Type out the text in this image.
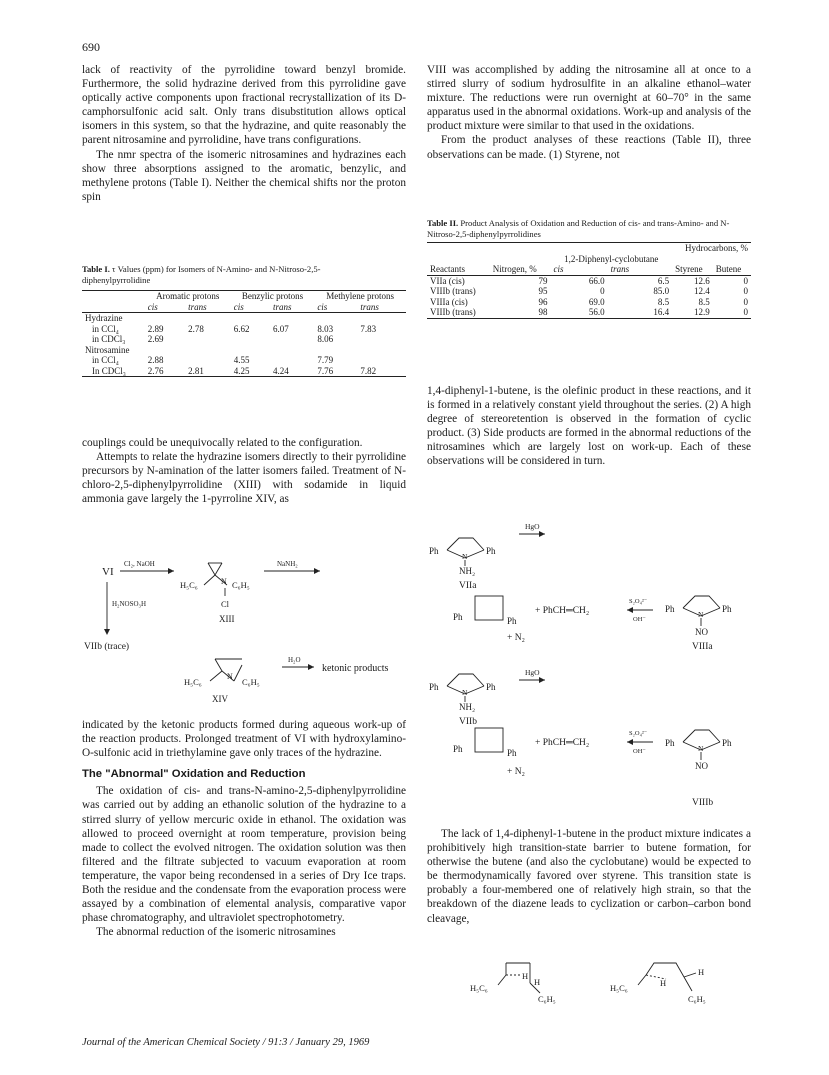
690

lack of reactivity of the pyrrolidine toward benzyl bromide. Furthermore, the solid hydrazine derived from this pyrrolidine gave optically active components upon fractional recrystallization of its D-camphorsulfonic acid salt. Only trans disubstitution allows optical isomers in this system, so that the hydrazine, and quite reasonably the parent nitrosamine and pyrrolidine, have trans configurations.

The nmr spectra of the isomeric nitrosamines and hydrazines each show three absorptions assigned to the aromatic, benzylic, and methylene protons (Table I). Neither the chemical shifts nor the proton spin

Table I. τ Values (ppm) for Isomers of N-Amino- and N-Nitroso-2,5-diphenylpyrrolidine
	Aromatic protons		Benzylic protons		Methylene protons	
	cis	trans	cis	trans	cis	trans
Hydrazine						
in CCl₄	2.89	2.78	6.62	6.07	8.03	7.83
in CDCl₃	2.69				8.06	
Nitrosamine						
in CCl₄	2.88		4.55		7.79	
In CDCl₃	2.76	2.81	4.25	4.24	7.76	7.82

couplings could be unequivocally related to the configuration.

Attempts to relate the hydrazine isomers directly to their pyrrolidine precursors by N-amination of the latter isomers failed. Treatment of N-chloro-2,5-diphenylpyrrolidine (XIII) with sodamide in liquid ammonia gave largely the 1-pyrroline XIV, as

VI
Cl₂, NaOH
H₅C₆	C₆H₅
N
Cl
XIII
NaNH₂
H₂NOSO₃H
VIIb (trace)
H₅C₆	C₆H₅
N
XIV
H₂O
ketonic products

indicated by the ketonic products formed during aqueous work-up of the reaction products. Prolonged treatment of VI with hydroxylamino-O-sulfonic acid in triethylamine gave only traces of the hydrazine.

The "Abnormal" Oxidation and Reduction

The oxidation of cis- and trans-N-amino-2,5-diphenylpyrrolidine was carried out by adding an ethanolic solution of the hydrazine to a stirred slurry of yellow mercuric oxide in ethanol. The oxidation was allowed to proceed overnight at room temperature, provision being made to collect the evolved nitrogen. The oxidation solution was then filtered and the filtrate subjected to vacuum evaporation at room temperature, the vapor being recondensed in a series of Dry Ice traps. Both the residue and the condensate from the evaporation process were assayed by a combination of elemental analysis, comparative vapor phase chromatography, and ultraviolet spectrophotometry.

The abnormal reduction of the isomeric nitrosamines

VIII was accomplished by adding the nitrosamine all at once to a stirred slurry of sodium hydrosulfite in an alkaline ethanol–water mixture. The reductions were run overnight at 60–70° in the same apparatus used in the abnormal oxidations. Work-up and analysis of the product mixture were similar to that used in the oxidations.

From the product analyses of these reactions (Table II), three observations can be made. (1) Styrene, not

Table II. Product Analysis of Oxidation and Reduction of cis- and trans-Amino- and N-Nitroso-2,5-diphenylpyrrolidines
		Hydrocarbons, %			
		1,2-Diphenyl-cyclobutane			
Reactants	Nitrogen, %	cis	trans	Styrene	Butene
VIIa (cis)	79	66.0	6.5	12.6	0
VIIIb (trans)	95	0	85.0	12.4	0
VIIIa (cis)	96	69.0	8.5	8.5	0
VIIIb (trans)	98	56.0	16.4	12.9	0

1,4-diphenyl-1-butene, is the olefinic product in these reactions, and it is formed in a relatively constant yield throughout the series. (2) A high degree of stereoretention is observed in the formation of cyclic product. (3) Side products are formed in the abnormal reductions of the nitrosamines which are largely lost on work-up. Each of these observations will be considered in turn.

Ph	Ph
N
NH₂
VIIa
HgO
Ph	Ph
+ PhCH═CH₂
+ N₂
S₂O₄²⁻
OH⁻
Ph	Ph
N
NO
VIIIa
Ph	Ph
N
NH₂
VIIb
HgO
Ph	Ph
+ PhCH═CH₂
+ N₂
S₂O₄²⁻
OH⁻
Ph	Ph
N
NO
VIIIb

The lack of 1,4-diphenyl-1-butene in the product mixture indicates a prohibitively high transition-state barrier to butene formation, for otherwise the butene (and also the cyclobutane) would be expected to be thermodynamically favored over styrene. This transition state is probably a four-membered one of relatively high strain, so that the breakdown of the diazene leads to cyclization or carbon–carbon bond cleavage,

H₅C₆
H
H
C₆H₅
H₅C₆	H
H
C₆H₅
Journal of the American Chemical Society / 91:3 / January 29, 1969
